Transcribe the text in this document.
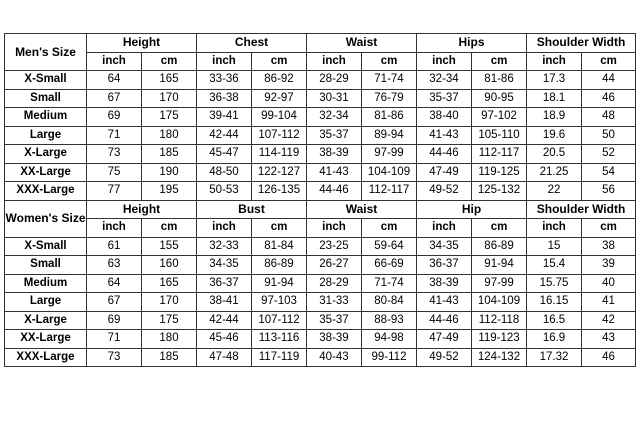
Men's Size	Height		Chest		Waist		Hips		Shoulder Width	
	inch	cm	inch	cm	inch	cm	inch	cm	inch	cm
X-Small	64	165	33-36	86-92	28-29	71-74	32-34	81-86	17.3	44
Small	67	170	36-38	92-97	30-31	76-79	35-37	90-95	18.1	46
Medium	69	175	39-41	99-104	32-34	81-86	38-40	97-102	18.9	48
Large	71	180	42-44	107-112	35-37	89-94	41-43	105-110	19.6	50
X-Large	73	185	45-47	114-119	38-39	97-99	44-46	112-117	20.5	52
XX-Large	75	190	48-50	122-127	41-43	104-109	47-49	119-125	21.25	54
XXX-Large	77	195	50-53	126-135	44-46	112-117	49-52	125-132	22	56
Women's Size	Height		Bust		Waist		Hip		Shoulder Width	
	inch	cm	inch	cm	inch	cm	inch	cm	inch	cm
X-Small	61	155	32-33	81-84	23-25	59-64	34-35	86-89	15	38
Small	63	160	34-35	86-89	26-27	66-69	36-37	91-94	15.4	39
Medium	64	165	36-37	91-94	28-29	71-74	38-39	97-99	15.75	40
Large	67	170	38-41	97-103	31-33	80-84	41-43	104-109	16.15	41
X-Large	69	175	42-44	107-112	35-37	88-93	44-46	112-118	16.5	42
XX-Large	71	180	45-46	113-116	38-39	94-98	47-49	119-123	16.9	43
XXX-Large	73	185	47-48	117-119	40-43	99-112	49-52	124-132	17.32	46
